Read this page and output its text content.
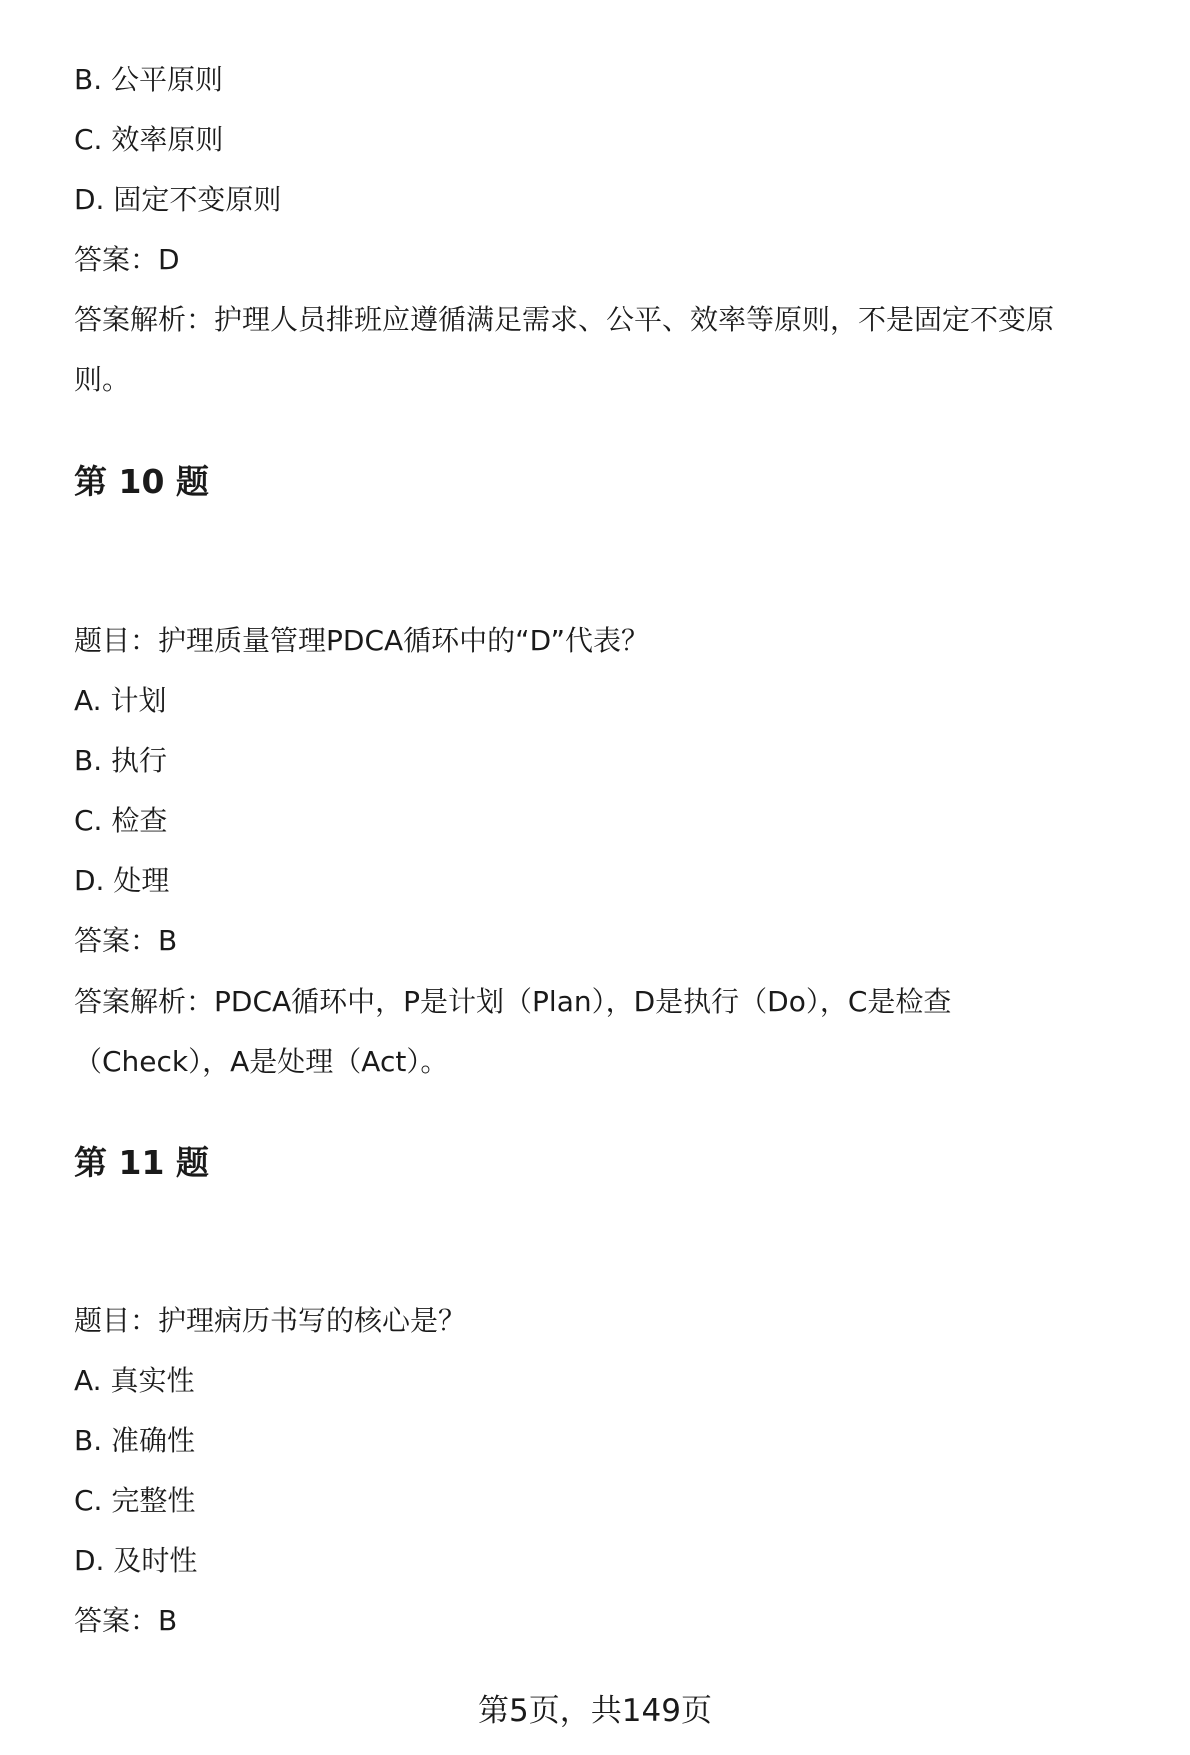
B. 公平原则

C. 效率原则

D. 固定不变原则

答案：D

答案解析：护理人员排班应遵循满足需求、公平、效率等原则，不是固定不变原

则。

第 10 题

题目：护理质量管理PDCA循环中的“D”代表？

A. 计划

B. 执行

C. 检查

D. 处理

答案：B

答案解析：PDCA循环中，P是计划（Plan），D是执行（Do），C是检查

（Check），A是处理（Act）。

第 11 题

题目：护理病历书写的核心是？

A. 真实性

B. 准确性

C. 完整性

D. 及时性

答案：B

第5页，共149页
